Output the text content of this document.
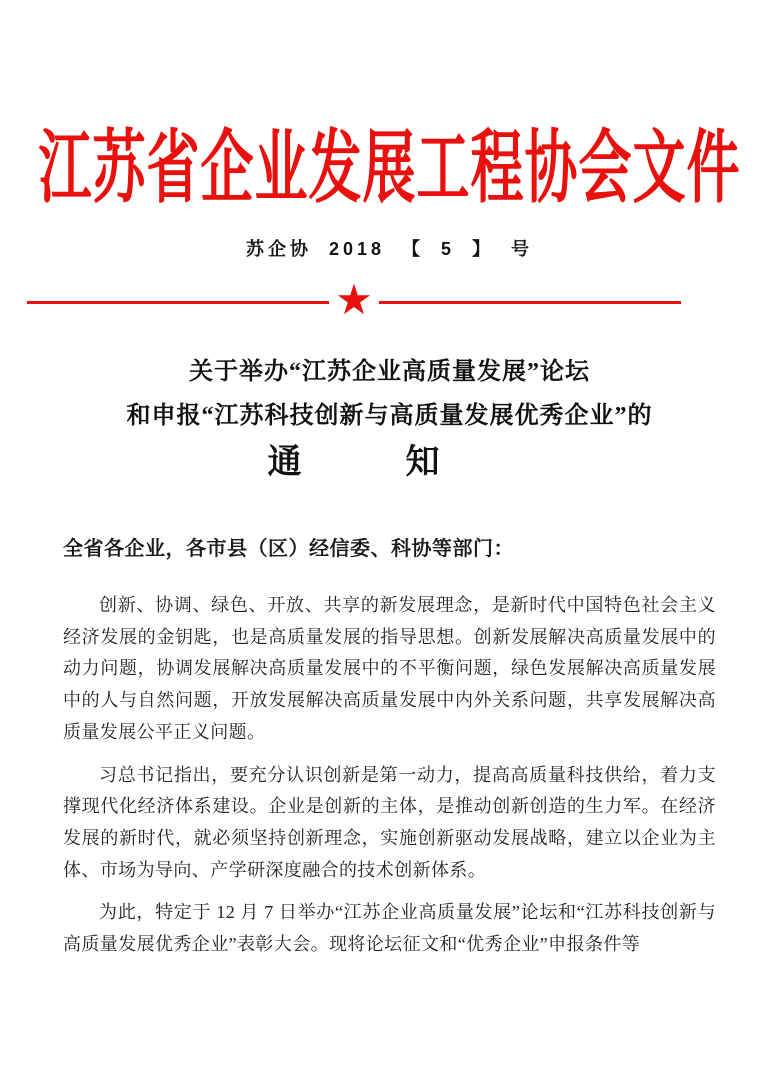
江苏省企业发展工程协会文件
苏企协 2018 【 5 】 号
★
关于举办“江苏企业高质量发展”论坛
和申报“江苏科技创新与高质量发展优秀企业”的
通	知

全省各企业，各市县（区）经信委、科协等部门：

创新、协调、绿色、开放、共享的新发展理念，是新时代中国特色社会主义经济发展的金钥匙，也是高质量发展的指导思想。创新发展解决高质量发展中的动力问题，协调发展解决高质量发展中的不平衡问题，绿色发展解决高质量发展中的人与自然问题，开放发展解决高质量发展中内外关系问题，共享发展解决高质量发展公平正义问题。

习总书记指出，要充分认识创新是第一动力，提高高质量科技供给，着力支撑现代化经济体系建设。企业是创新的主体，是推动创新创造的生力军。在经济发展的新时代，就必须坚持创新理念，实施创新驱动发展战略，建立以企业为主体、市场为导向、产学研深度融合的技术创新体系。

为此，特定于 12 月 7 日举办“江苏企业高质量发展”论坛和“江苏科技创新与高质量发展优秀企业”表彰大会。现将论坛征文和“优秀企业”申报条件等
